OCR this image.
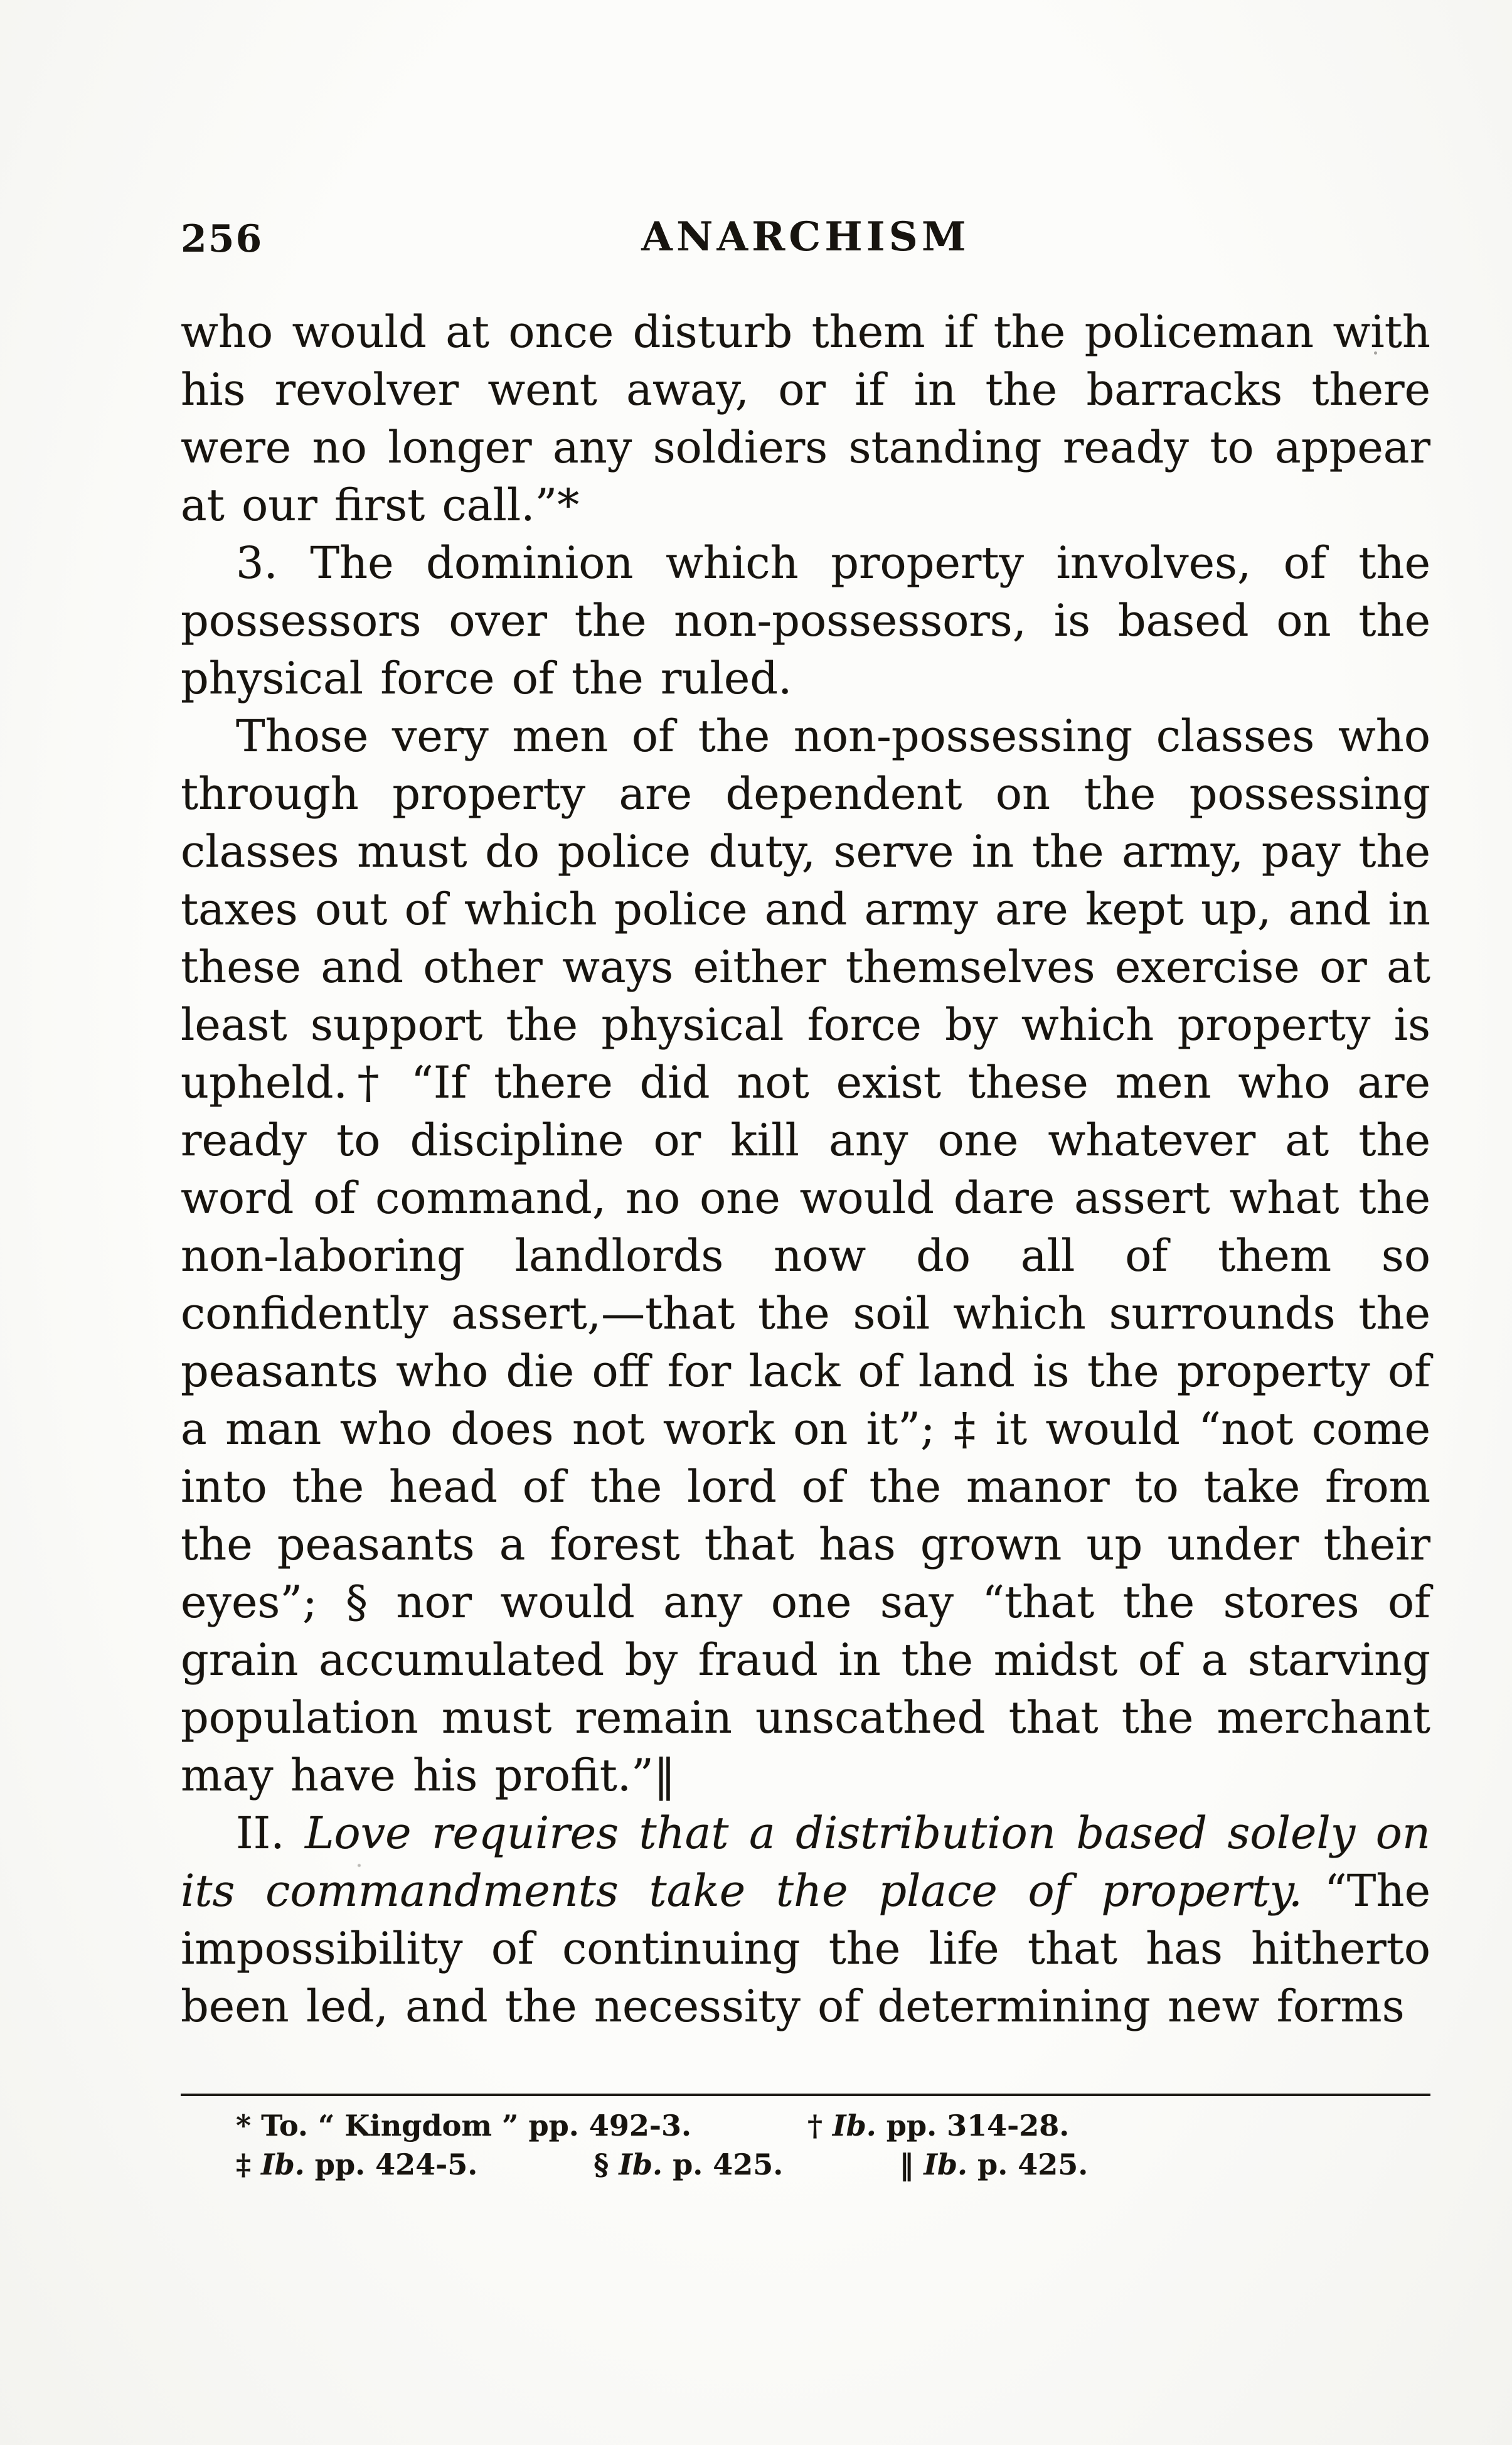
256	ANARCHISM

who would at once disturb them if the policeman with his revolver went away, or if in the barracks there were no longer any soldiers standing ready to appear at our first call.”*

3. The dominion which property involves, of the possessors over the non-possessors, is based on the physical force of the ruled.

Those very men of the non-possessing classes who through property are dependent on the possessing classes must do police duty, serve in the army, pay the taxes out of which police and army are kept up, and in these and other ways either themselves exercise or at least support the physical force by which property is upheld.† “If there did not exist these men who are ready to discipline or kill any one whatever at the word of command, no one would dare assert what the non-laboring landlords now do all of them so confidently assert,—that the soil which surrounds the peasants who die off for lack of land is the property of a man who does not work on it”; ‡ it would “not come into the head of the lord of the manor to take from the peasants a forest that has grown up under their eyes”; § nor would any one say “that the stores of grain accumulated by fraud in the midst of a starving population must remain unscathed that the merchant may have his profit.”‖

II. Love requires that a distribution based solely on its commandments take the place of property. “The impossibility of continuing the life that has hitherto been led, and the necessity of determining new forms

* To. “ Kingdom ” pp. 492-3.	† Ib. pp. 314-28.
‡ Ib. pp. 424-5.	§ Ib. p. 425.	‖ Ib. p. 425.
